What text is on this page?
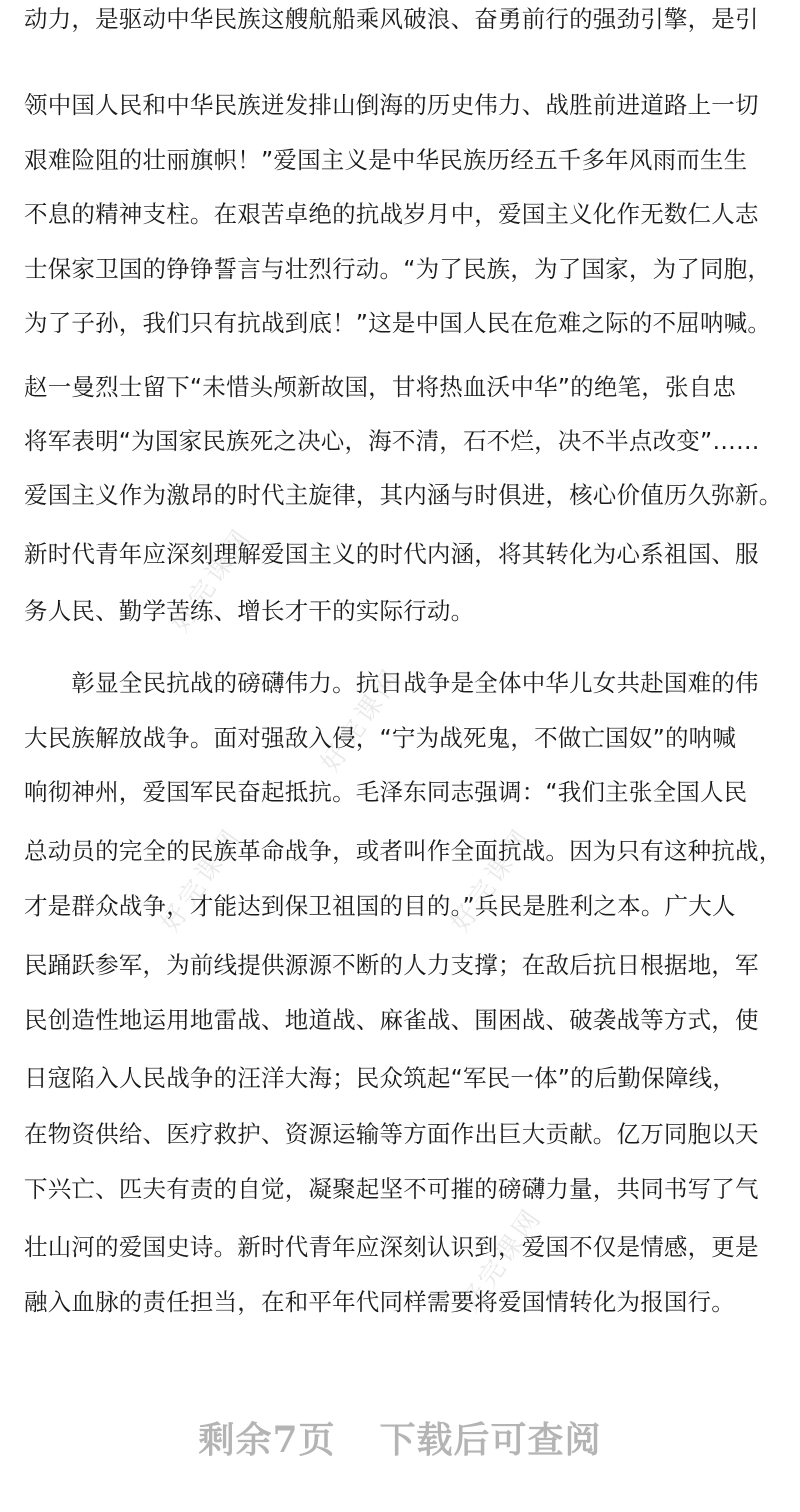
好完课网
好完课网
好完课网	好完课网
好完课网
动力，是驱动中华民族这艘航船乘风破浪、奋勇前行的强劲引擎，是引
领中国人民和中华民族迸发排山倒海的历史伟力、战胜前进道路上一切
艰难险阻的壮丽旗帜！”爱国主义是中华民族历经五千多年风雨而生生
不息的精神支柱。在艰苦卓绝的抗战岁月中，爱国主义化作无数仁人志
士保家卫国的铮铮誓言与壮烈行动。“为了民族，为了国家，为了同胞，
为了子孙，我们只有抗战到底！”这是中国人民在危难之际的不屈呐喊。
赵一曼烈士留下“未惜头颅新故国，甘将热血沃中华”的绝笔，张自忠
将军表明“为国家民族死之决心，海不清，石不烂，决不半点改变”……
爱国主义作为激昂的时代主旋律，其内涵与时俱进，核心价值历久弥新。
新时代青年应深刻理解爱国主义的时代内涵，将其转化为心系祖国、服
务人民、勤学苦练、增长才干的实际行动。
　　彰显全民抗战的磅礴伟力。抗日战争是全体中华儿女共赴国难的伟
大民族解放战争。面对强敌入侵，“宁为战死鬼，不做亡国奴”的呐喊
响彻神州，爱国军民奋起抵抗。毛泽东同志强调：“我们主张全国人民
总动员的完全的民族革命战争，或者叫作全面抗战。因为只有这种抗战，
才是群众战争，才能达到保卫祖国的目的。”兵民是胜利之本。广大人
民踊跃参军，为前线提供源源不断的人力支撑；在敌后抗日根据地，军
民创造性地运用地雷战、地道战、麻雀战、围困战、破袭战等方式，使
日寇陷入人民战争的汪洋大海；民众筑起“军民一体”的后勤保障线，
在物资供给、医疗救护、资源运输等方面作出巨大贡献。亿万同胞以天
下兴亡、匹夫有责的自觉，凝聚起坚不可摧的磅礴力量，共同书写了气
壮山河的爱国史诗。新时代青年应深刻认识到，爱国不仅是情感，更是
融入血脉的责任担当，在和平年代同样需要将爱国情转化为报国行。
剩余7页 下载后可查阅
